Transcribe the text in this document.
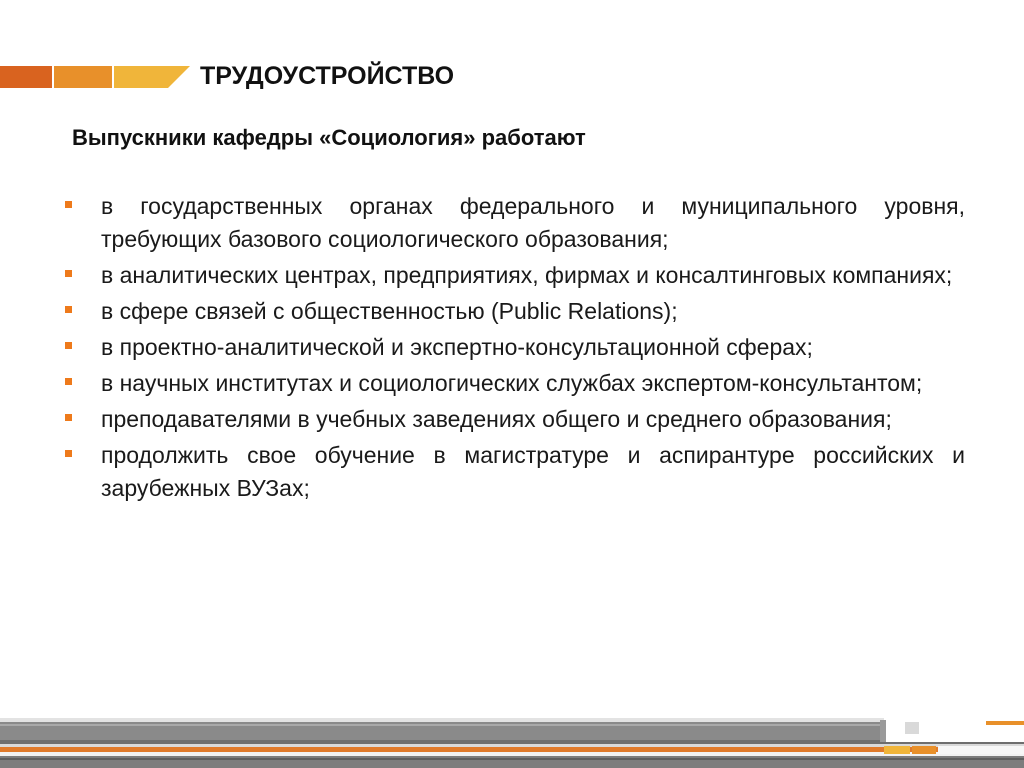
ТРУДОУСТРОЙСТВО
Выпускники кафедры «Социология» работают
в государственных органах федерального и муниципального уровня, требующих базового социологического образования;
в аналитических центрах, предприятиях, фирмах и консалтинговых компаниях;
в сфере связей с общественностью (Public Relations);
в проектно-аналитической и экспертно-консультационной сферах;
в научных институтах и социологических службах экспертом-консультантом;
преподавателями в учебных заведениях общего и среднего образования;
продолжить свое обучение в магистратуре и аспирантуре российских и зарубежных ВУЗах;
